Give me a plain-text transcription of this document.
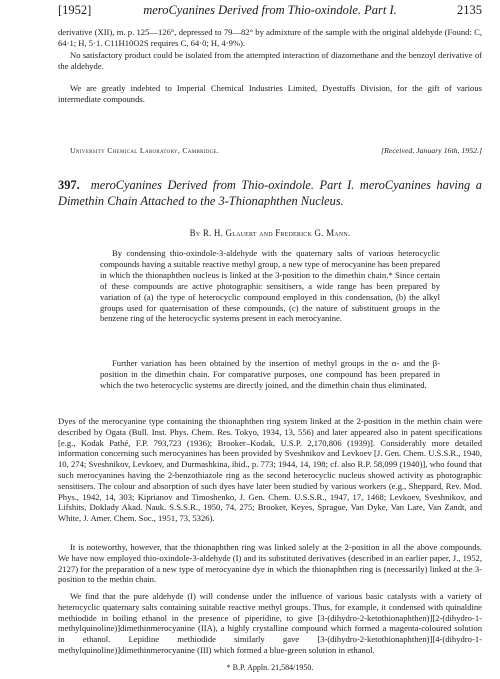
[1952]	meroCyanines Derived from Thio-oxindole. Part I.	2135

derivative (XII), m. p. 125—126°, depressed to 79—82° by admixture of the sample with the original aldehyde (Found: C, 64·1; H, 5·1. C11H10O2S requires C, 64·0; H, 4·9%).

No satisfactory product could be isolated from the attempted interaction of diazomethane and the benzoyl derivative of the aldehyde.

We are greatly indebted to Imperial Chemical Industries Limited, Dyestuffs Division, for the gift of various intermediate compounds.

University Chemical Laboratory, Cambridge.	[Received, January 16th, 1952.]

397. meroCyanines Derived from Thio-oxindole. Part I. meroCyanines having a Dimethin Chain Attached to the 3-Thionaphthen Nucleus.

By R. H. Glauert and Frederick G. Mann.

By condensing thio-oxindole-3-aldehyde with the quaternary salts of various heterocyclic compounds having a suitable reactive methyl group, a new type of merocyanine has been prepared in which the thionaphthen nucleus is linked at the 3-position to the dimethin chain.* Since certain of these compounds are active photographic sensitisers, a wide range has been prepared by variation of (a) the type of heterocyclic compound employed in this condensation, (b) the alkyl groups used for quaternisation of these compounds, (c) the nature of substituent groups in the benzene ring of the heterocyclic systems present in each merocyanine.

Further variation has been obtained by the insertion of methyl groups in the α- and the β-position in the dimethin chain. For comparative purposes, one compound has been prepared in which the two heterocyclic systems are directly joined, and the dimethin chain thus eliminated.

Dyes of the merocyanine type containing the thionaphthen ring system linked at the 2-position in the methin chain were described by Ogata (Bull. Inst. Phys. Chem. Res. Tokyo, 1934, 13, 556) and later appeared also in patent specifications [e.g., Kodak Pathé, F.P. 793,723 (1936); Brooker–Kodak, U.S.P. 2,170,806 (1939)]. Considerably more detailed information concerning such merocyanines has been provided by Sveshnikov and Levkoev [J. Gen. Chem. U.S.S.R., 1940, 10, 274; Sveshnikov, Levkoev, and Durmashkina, ibid., p. 773; 1944, 14, 198; cf. also R.P. 58,099 (1940)], who found that such merocyanines having the 2-benzothiazole ring as the second heterocyclic nucleus showed activity as photographic sensitisers. The colour and absorption of such dyes have later been studied by various workers (e.g., Sheppard, Rev. Mod. Phys., 1942, 14, 303; Kiprianov and Timoshenko, J. Gen. Chem. U.S.S.R., 1947, 17, 1468; Levkoev, Sveshnikov, and Lifshits, Doklady Akad. Nauk. S.S.S.R., 1950, 74, 275; Brooker, Keyes, Sprague, Van Dyke, Van Lare, Van Zandt, and White, J. Amer. Chem. Soc., 1951, 73, 5326).

It is noteworthy, however, that the thionaphthen ring was linked solely at the 2-position in all the above compounds. We have now employed thio-oxindole-3-aldehyde (I) and its substituted derivatives (described in an earlier paper, J., 1952, 2127) for the preparation of a new type of merocyanine dye in which the thionaphthen ring is (necessarily) linked at the 3-position to the methin chain.

We find that the pure aldehyde (I) will condense under the influence of various basic catalysts with a variety of heterocyclic quaternary salts containing suitable reactive methyl groups. Thus, for example, it condensed with quinaldine methiodide in boiling ethanol in the presence of piperidine, to give [3-(dihydro-2-ketothionaphthen)][2-(dihydro-1-methylquinoline)]dimethinmerocyanine (IIA), a highly crystalline compound which formed a magenta-coloured solution in ethanol. Lepidine methiodide similarly gave [3-(dihydro-2-ketothionaphthen)][4-(dihydro-1-methylquinoline)]dimethinmerocyanine (III) which formed a blue-green solution in ethanol.

* B.P. Appln. 21,584/1950.
